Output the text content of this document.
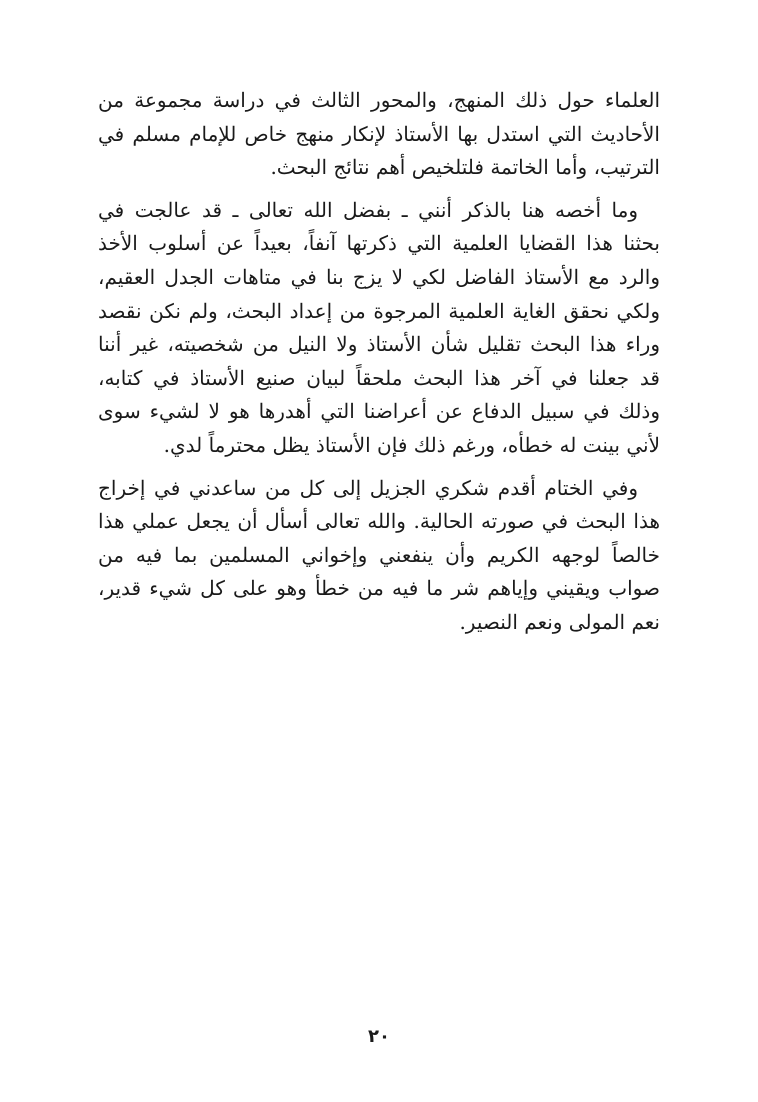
العلماء حول ذلك المنهج، والمحور الثالث في دراسة مجموعة من
الأحاديث التي استدل بها الأستاذ لإنكار منهج خاص للإمام مسلم في
الترتيب، وأما الخاتمة فلتلخيص أهم نتائج البحث.
وما أخصه هنا بالذكر أنني ـ بفضل الله تعالى ـ قد عالجت في
بحثنا هذا القضايا العلمية التي ذكرتها آنفاً، بعيداً عن أسلوب الأخذ
والرد مع الأستاذ الفاضل لكي لا يزج بنا في متاهات الجدل العقيم،
ولكي نحقق الغاية العلمية المرجوة من إعداد البحث، ولم نكن نقصد
وراء هذا البحث تقليل شأن الأستاذ ولا النيل من شخصيته، غير أننا
قد جعلنا في آخر هذا البحث ملحقاً لبيان صنيع الأستاذ في كتابه،
وذلك في سبيل الدفاع عن أعراضنا التي أهدرها هو لا لشيء سوى
لأني بينت له خطأه، ورغم ذلك فإن الأستاذ يظل محترماً لدي.
وفي الختام أقدم شكري الجزيل إلى كل من ساعدني في إخراج
هذا البحث في صورته الحالية. والله تعالى أسأل أن يجعل عملي هذا
خالصاً لوجهه الكريم وأن ينفعني وإخواني المسلمين بما فيه من
صواب ويقيني وإياهم شر ما فيه من خطأ وهو على كل شيء قدير،
نعم المولى ونعم النصير.
٢٠
